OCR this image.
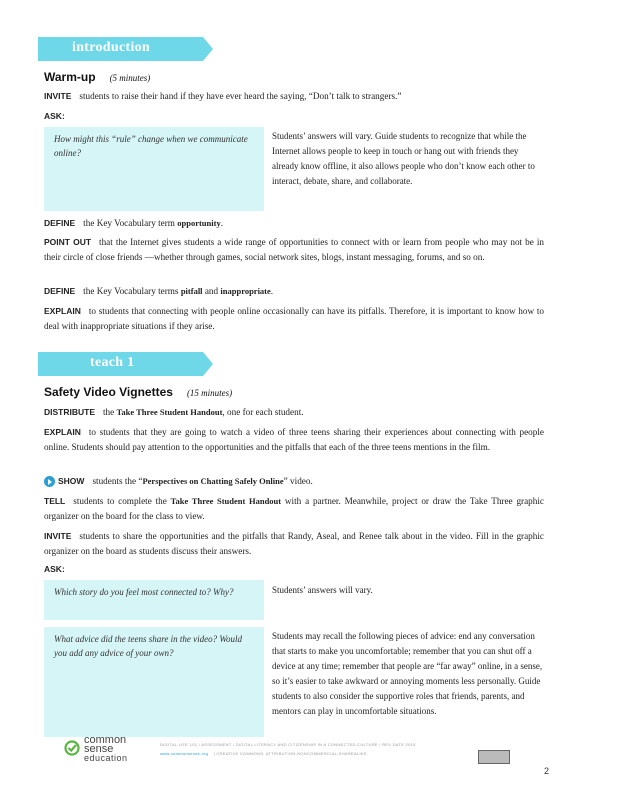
introduction
Warm-up (5 minutes)
INVITE students to raise their hand if they have ever heard the saying, “Don’t talk to strangers.”
ASK:
How might this “rule” change when we communicate online?
Students’ answers will vary. Guide students to recognize that while the Internet allows people to keep in touch or hang out with friends they already know offline, it also allows people who don’t know each other to interact, debate, share, and collaborate.
DEFINE the Key Vocabulary term opportunity.
POINT OUT that the Internet gives students a wide range of opportunities to connect with or learn from people who may not be in their circle of close friends —whether through games, social network sites, blogs, instant messaging, forums, and so on.
DEFINE the Key Vocabulary terms pitfall and inappropriate.
EXPLAIN to students that connecting with people online occasionally can have its pitfalls. Therefore, it is important to know how to deal with inappropriate situations if they arise.
teach 1
Safety Video Vignettes (15 minutes)
DISTRIBUTE the Take Three Student Handout, one for each student.
EXPLAIN to students that they are going to watch a video of three teens sharing their experiences about connecting with people online. Students should pay attention to the opportunities and the pitfalls that each of the three teens mentions in the film.
SHOW students the “Perspectives on Chatting Safely Online” video.
TELL students to complete the Take Three Student Handout with a partner. Meanwhile, project or draw the Take Three graphic organizer on the board for the class to view.
INVITE students to share the opportunities and the pitfalls that Randy, Aseal, and Renee talk about in the video. Fill in the graphic organizer on the board as students discuss their answers.
ASK:
Which story do you feel most connected to? Why?	Students’ answers will vary.
What advice did the teens share in the video? Would you add any advice of your own?
Students may recall the following pieces of advice: end any conversation that starts to make you uncomfortable; remember that you can shut off a device at any time; remember that people are “far away” online, in a sense, so it’s easier to take awkward or annoying moments less personally. Guide students to also consider the supportive roles that friends, parents, and mentors can play in uncomfortable situations.
common
sense
education
DIGITAL LIFE 101 / ASSESSMENT / DIGITAL LITERACY AND CITIZENSHIP IN A CONNECTED CULTURE / REV DATE 2015
www.commonsense.org | CREATIVE COMMONS: ATTRIBUTION-NONCOMMERCIAL-SHAREALIKE
2
